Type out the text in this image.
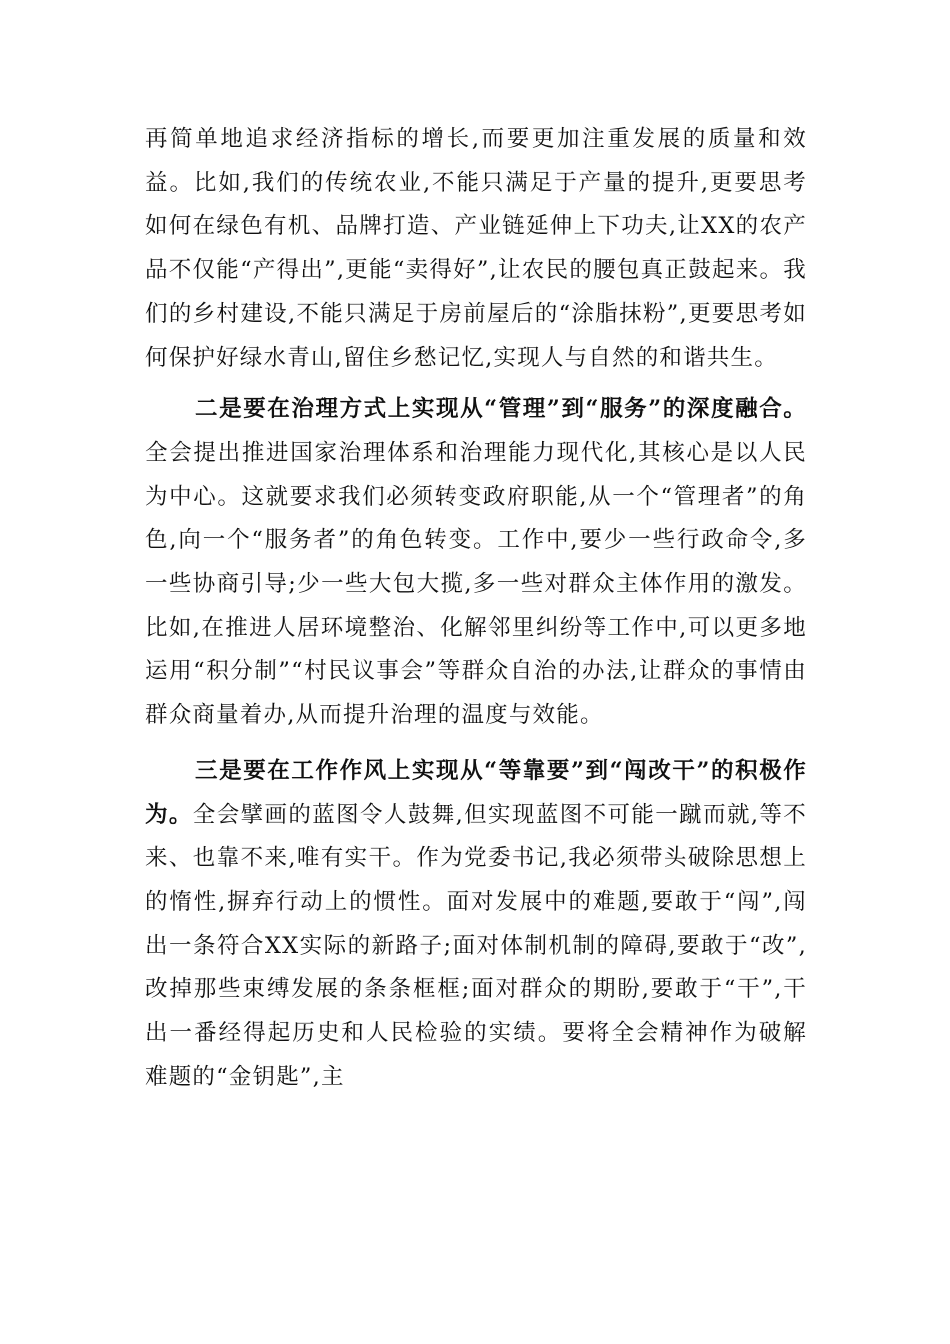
再简单地追求经济指标的增长,而要更加注重发展的质量和效益。比如,我们的传统农业,不能只满足于产量的提升,更要思考如何在绿色有机、品牌打造、产业链延伸上下功夫,让XX的农产品不仅能“产得出”,更能“卖得好”,让农民的腰包真正鼓起来。我们的乡村建设,不能只满足于房前屋后的“涂脂抹粉”,更要思考如何保护好绿水青山,留住乡愁记忆,实现人与自然的和谐共生。

二是要在治理方式上实现从“管理”到“服务”的深度融合。全会提出推进国家治理体系和治理能力现代化,其核心是以人民为中心。这就要求我们必须转变政府职能,从一个“管理者”的角色,向一个“服务者”的角色转变。工作中,要少一些行政命令,多一些协商引导;少一些大包大揽,多一些对群众主体作用的激发。比如,在推进人居环境整治、化解邻里纠纷等工作中,可以更多地运用“积分制”“村民议事会”等群众自治的办法,让群众的事情由群众商量着办,从而提升治理的温度与效能。

三是要在工作作风上实现从“等靠要”到“闯改干”的积极作为。全会擘画的蓝图令人鼓舞,但实现蓝图不可能一蹴而就,等不来、也靠不来,唯有实干。作为党委书记,我必须带头破除思想上的惰性,摒弃行动上的惯性。面对发展中的难题,要敢于“闯”,闯出一条符合XX实际的新路子;面对体制机制的障碍,要敢于“改”,改掉那些束缚发展的条条框框;面对群众的期盼,要敢于“干”,干出一番经得起历史和人民检验的实绩。要将全会精神作为破解难题的“金钥匙”,主
